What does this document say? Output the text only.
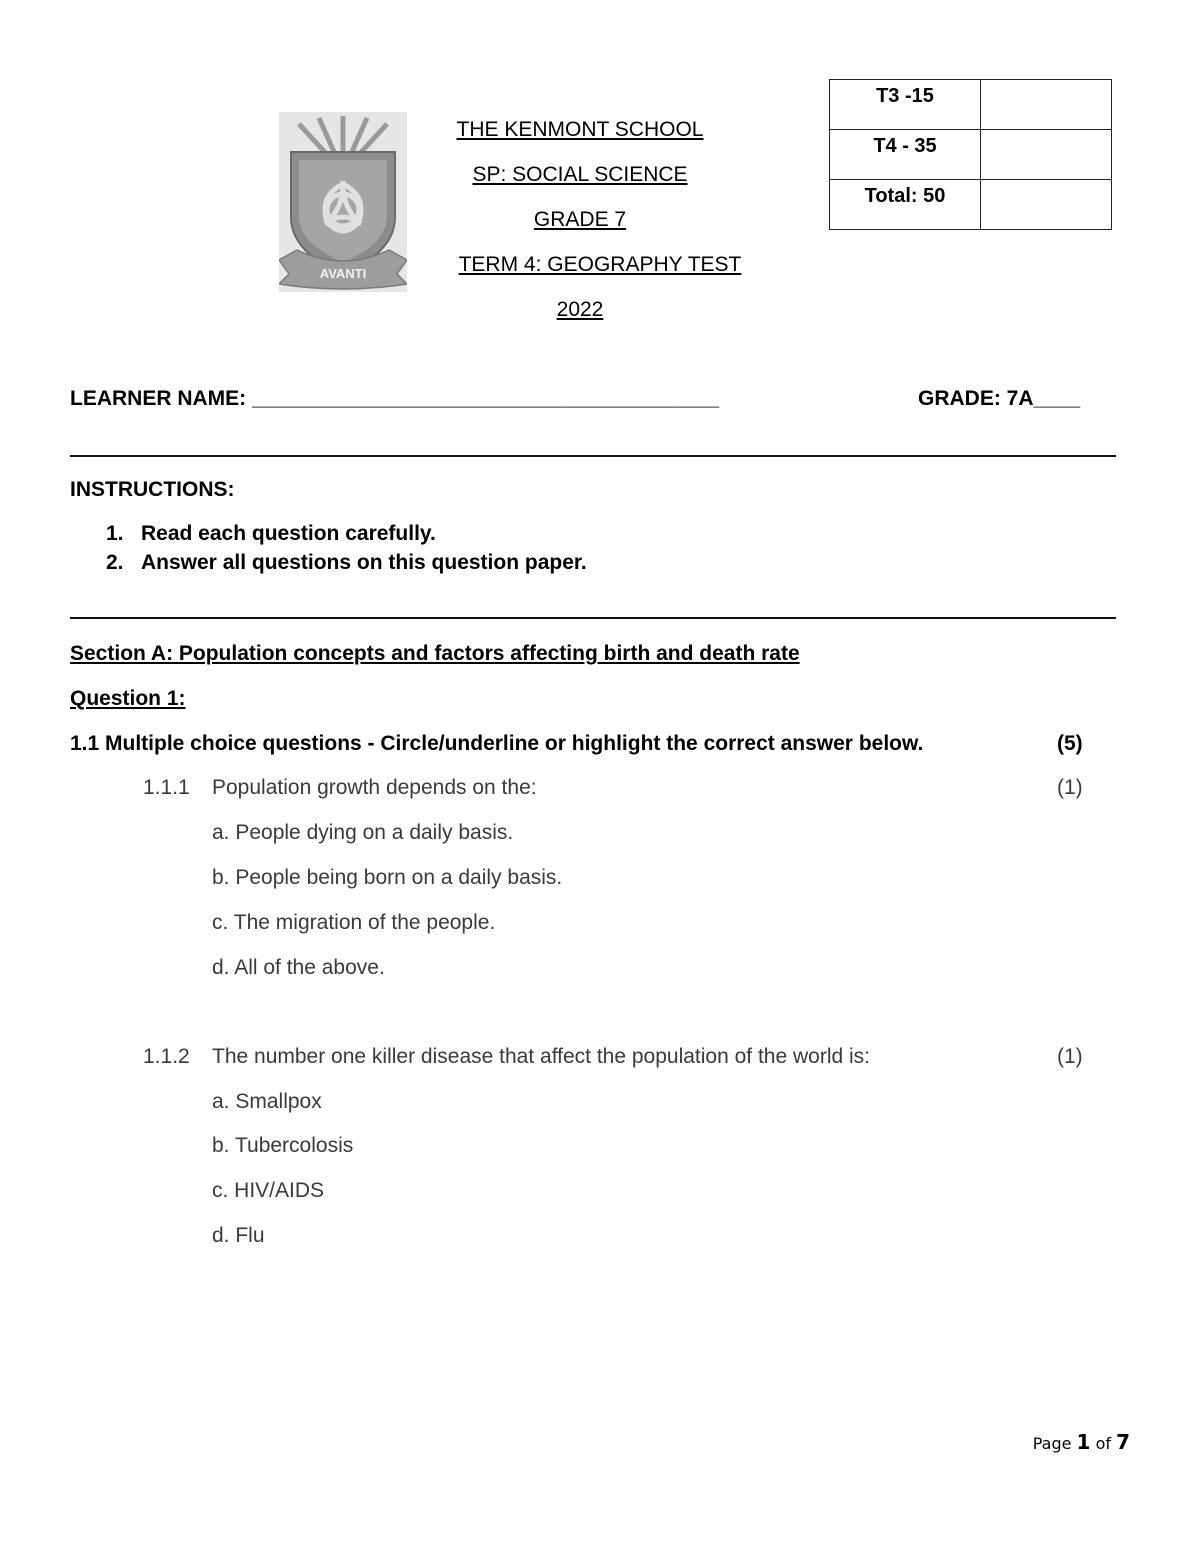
AVANTI
THE KENMONT SCHOOL
SP: SOCIAL SCIENCE
GRADE 7
TERM 4: GEOGRAPHY TEST
2022
T3 -15	

T4 - 35	

Total: 50	

LEARNER NAME: ________________________________________	GRADE: 7A____
INSTRUCTIONS:
1. Read each question carefully.
2. Answer all questions on this question paper.
Section A: Population concepts and factors affecting birth and death rate
Question 1:
1.1 Multiple choice questions - Circle/underline or highlight the correct answer below.	(5)
1.1.1 Population growth depends on the:	(1)
a. People dying on a daily basis.
b. People being born on a daily basis.
c. The migration of the people.
d. All of the above.
1.1.2 The number one killer disease that affect the population of the world is:	(1)
a. Smallpox
b. Tubercolosis
c. HIV/AIDS
d. Flu
Page 1 of 7
